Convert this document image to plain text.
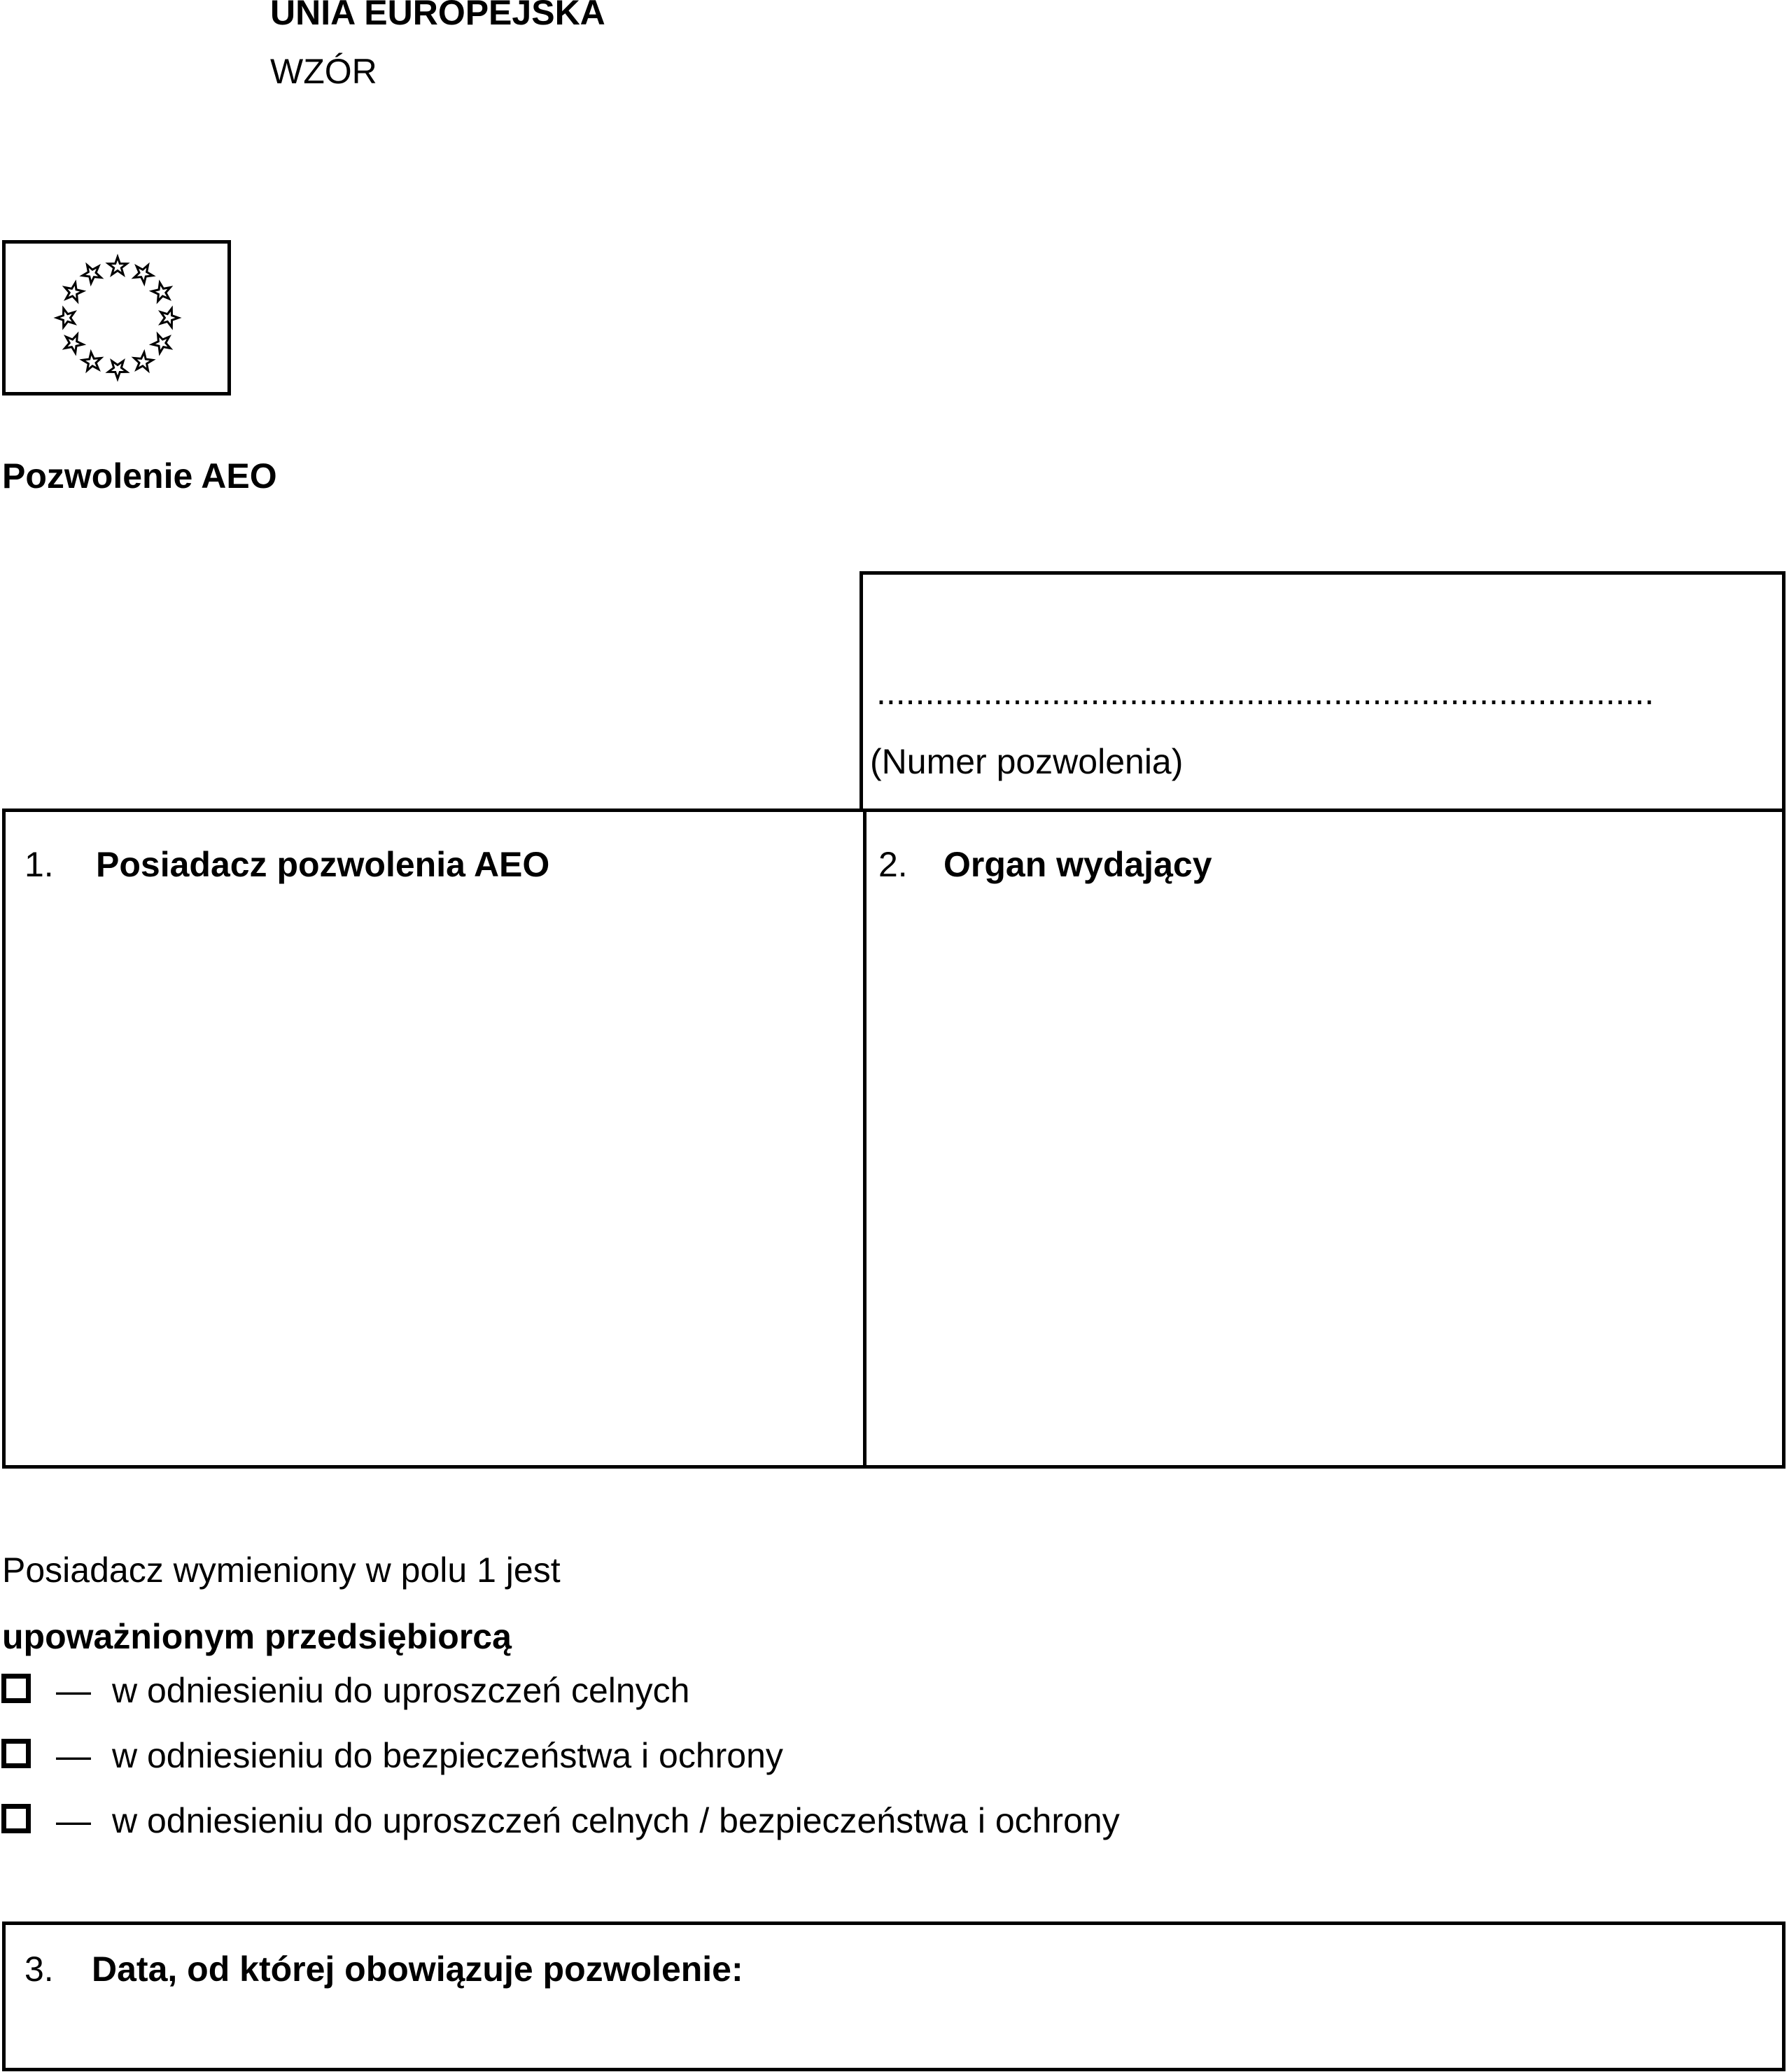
UNIA EUROPEJSKA
WZÓR
Pozwolenie AEO
................................................................................
(Numer pozwolenia)
1. Posiadacz pozwolenia AEO	2. Organ wydający
Posiadacz wymieniony w polu 1 jest
upoważnionym przedsiębiorcą
— w odniesieniu do uproszczeń celnych
— w odniesieniu do bezpieczeństwa i ochrony
— w odniesieniu do uproszczeń celnych / bezpieczeństwa i ochrony
3. Data, od której obowiązuje pozwolenie:
